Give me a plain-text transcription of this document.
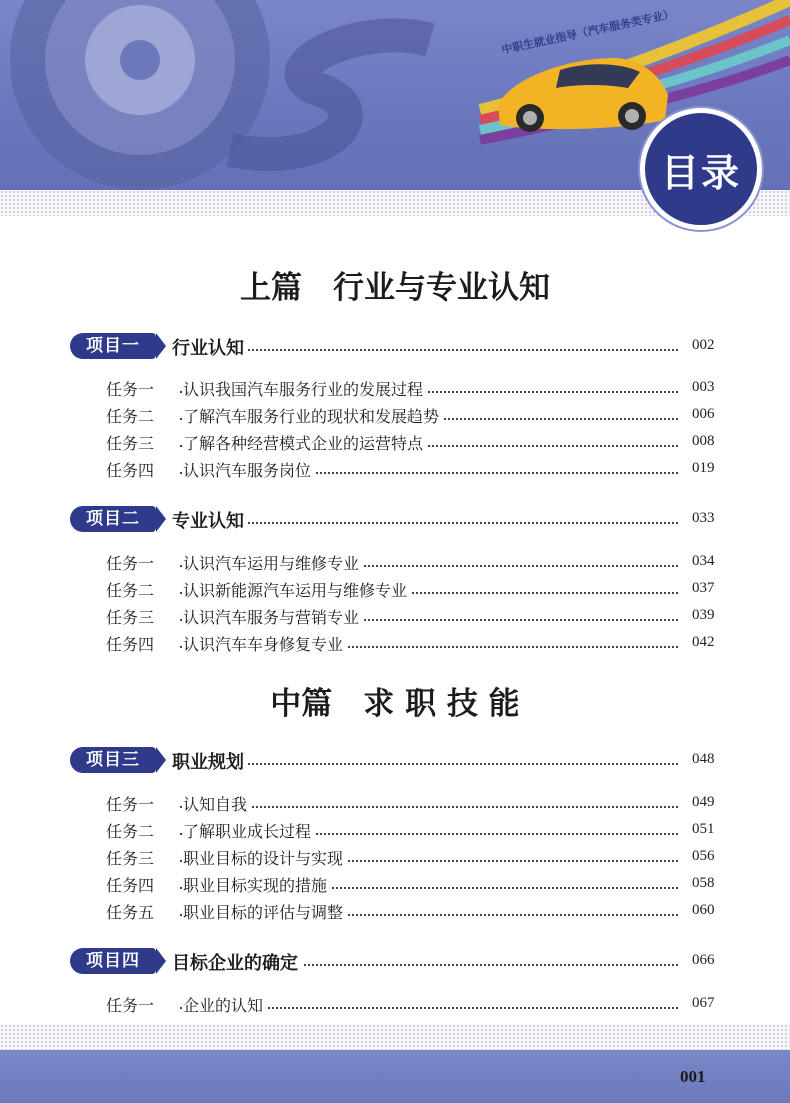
中职生就业指导（汽车服务类专业）
目录
上篇　行业与专业认知
项目一	行业认知	002
任务一 认识我国汽车服务行业的发展过程	003
任务二 了解汽车服务行业的现状和发展趋势	006
任务三 了解各种经营模式企业的运营特点	008
任务四 认识汽车服务岗位	019
项目二	专业认知	033
任务一 认识汽车运用与维修专业	034
任务二 认识新能源汽车运用与维修专业	037
任务三 认识汽车服务与营销专业	039
任务四 认识汽车车身修复专业	042
中篇　求 职 技 能
项目三	职业规划	048
任务一 认知自我	049
任务二 了解职业成长过程	051
任务三 职业目标的设计与实现	056
任务四 职业目标实现的措施	058
任务五 职业目标的评估与调整	060
项目四	目标企业的确定	066
任务一 企业的认知	067
001
